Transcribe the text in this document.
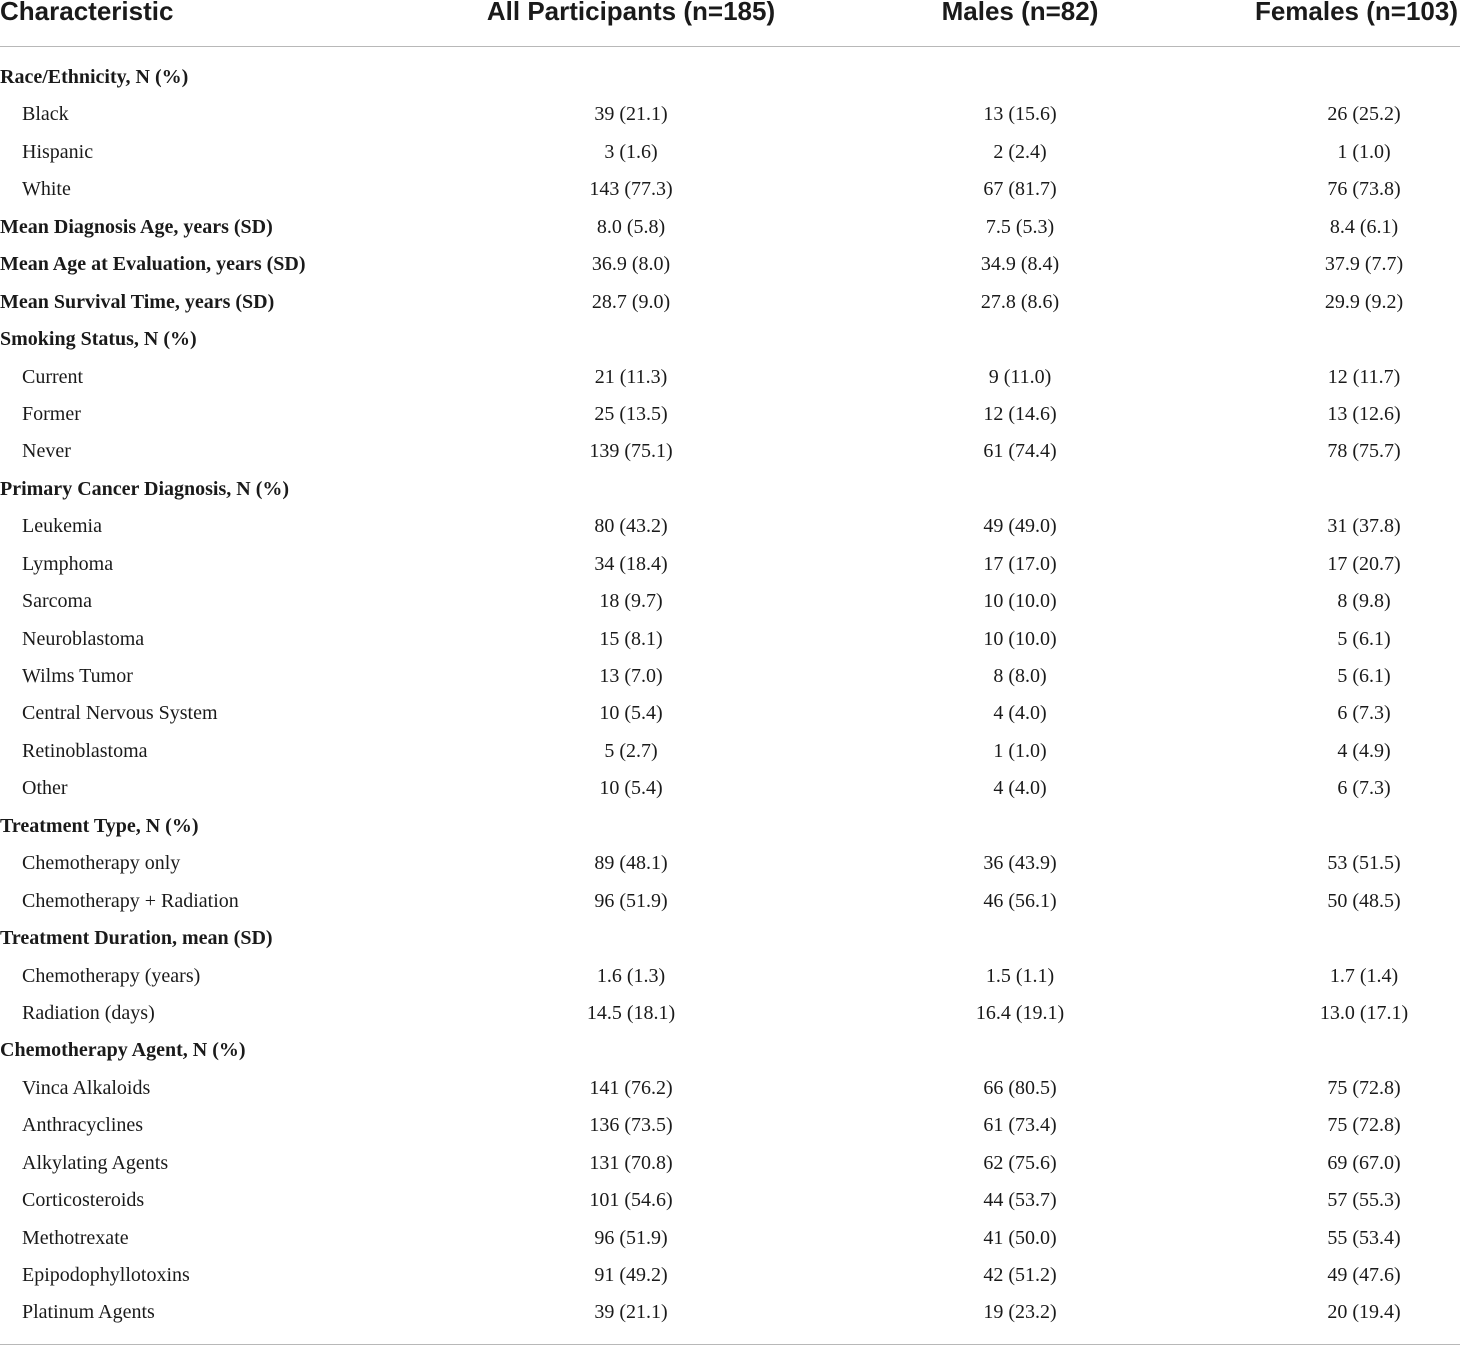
Characteristic	All Participants (n=185)	Males (n=82)	Females (n=103)
Race/Ethnicity, N (%)
Black	39 (21.1)	13 (15.6)	26 (25.2)
Hispanic	3 (1.6)	2 (2.4)	1 (1.0)
White	143 (77.3)	67 (81.7)	76 (73.8)
Mean Diagnosis Age, years (SD)	8.0 (5.8)	7.5 (5.3)	8.4 (6.1)
Mean Age at Evaluation, years (SD)	36.9 (8.0)	34.9 (8.4)	37.9 (7.7)
Mean Survival Time, years (SD)	28.7 (9.0)	27.8 (8.6)	29.9 (9.2)
Smoking Status, N (%)
Current	21 (11.3)	9 (11.0)	12 (11.7)
Former	25 (13.5)	12 (14.6)	13 (12.6)
Never	139 (75.1)	61 (74.4)	78 (75.7)
Primary Cancer Diagnosis, N (%)
Leukemia	80 (43.2)	49 (49.0)	31 (37.8)
Lymphoma	34 (18.4)	17 (17.0)	17 (20.7)
Sarcoma	18 (9.7)	10 (10.0)	8 (9.8)
Neuroblastoma	15 (8.1)	10 (10.0)	5 (6.1)
Wilms Tumor	13 (7.0)	8 (8.0)	5 (6.1)
Central Nervous System	10 (5.4)	4 (4.0)	6 (7.3)
Retinoblastoma	5 (2.7)	1 (1.0)	4 (4.9)
Other	10 (5.4)	4 (4.0)	6 (7.3)
Treatment Type, N (%)
Chemotherapy only	89 (48.1)	36 (43.9)	53 (51.5)
Chemotherapy + Radiation	96 (51.9)	46 (56.1)	50 (48.5)
Treatment Duration, mean (SD)
Chemotherapy (years)	1.6 (1.3)	1.5 (1.1)	1.7 (1.4)
Radiation (days)	14.5 (18.1)	16.4 (19.1)	13.0 (17.1)
Chemotherapy Agent, N (%)
Vinca Alkaloids	141 (76.2)	66 (80.5)	75 (72.8)
Anthracyclines	136 (73.5)	61 (73.4)	75 (72.8)
Alkylating Agents	131 (70.8)	62 (75.6)	69 (67.0)
Corticosteroids	101 (54.6)	44 (53.7)	57 (55.3)
Methotrexate	96 (51.9)	41 (50.0)	55 (53.4)
Epipodophyllotoxins	91 (49.2)	42 (51.2)	49 (47.6)
Platinum Agents	39 (21.1)	19 (23.2)	20 (19.4)
